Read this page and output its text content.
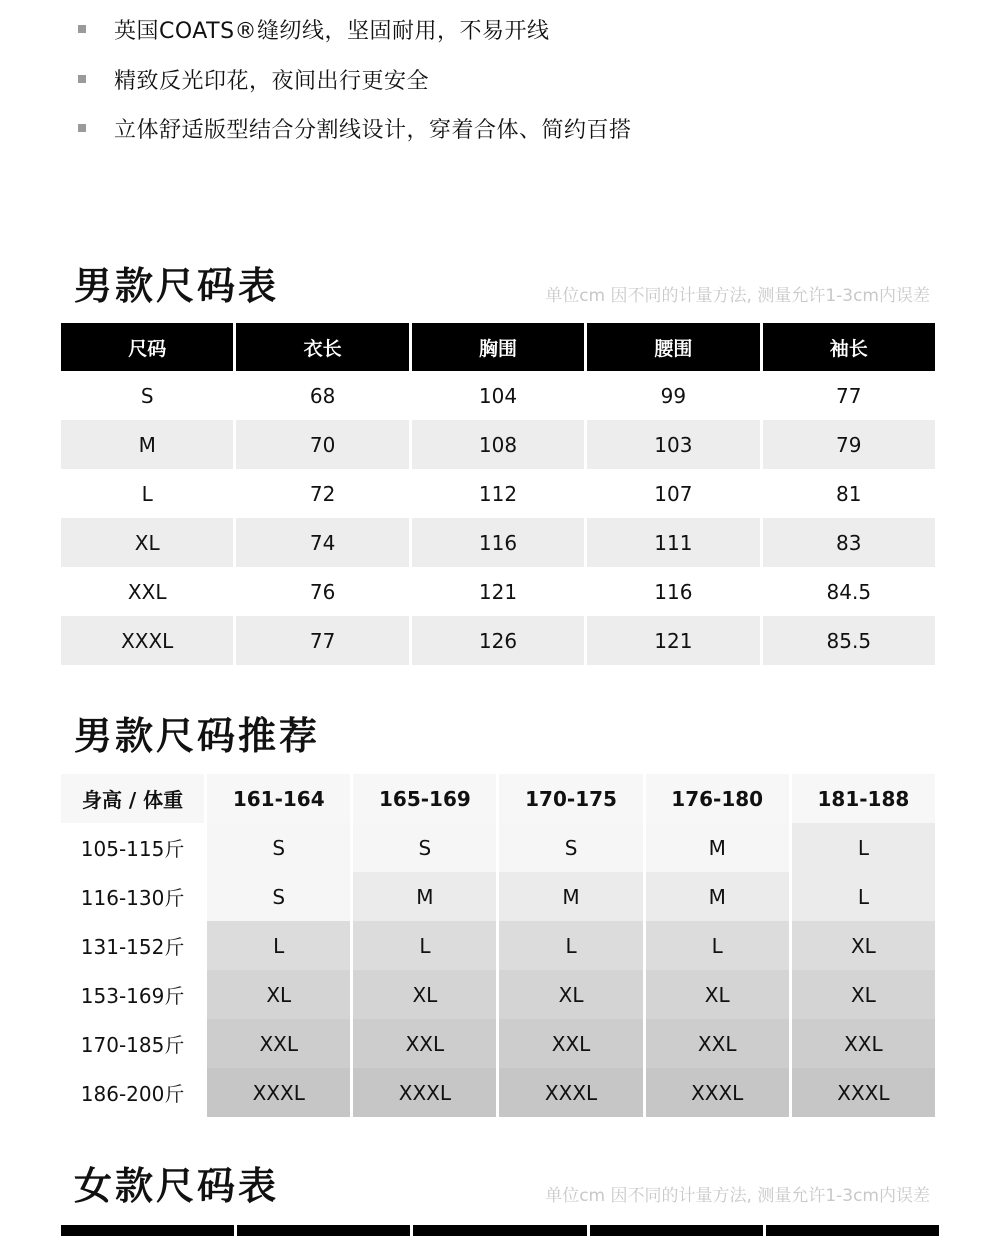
英国COATS®缝纫线，坚固耐用，不易开线
精致反光印花，夜间出行更安全
立体舒适版型结合分割线设计，穿着合体、简约百搭
男款尺码表	单位cm 因不同的计量方法, 测量允许1-3cm内误差
尺码	衣长	胸围	腰围	袖长
S	68	104	99	77
M	70	108	103	79
L	72	112	107	81
XL	74	116	111	83
XXL	76	121	116	84.5
XXXL	77	126	121	85.5
男款尺码推荐
身高 / 体重	161-164	165-169	170-175	176-180	181-188
105-115斤	S	S	S	M	L
116-130斤	S	M	M	M	L
131-152斤	L	L	L	L	XL
153-169斤	XL	XL	XL	XL	XL
170-185斤	XXL	XXL	XXL	XXL	XXL
186-200斤	XXXL	XXXL	XXXL	XXXL	XXXL
女款尺码表	单位cm 因不同的计量方法, 测量允许1-3cm内误差
